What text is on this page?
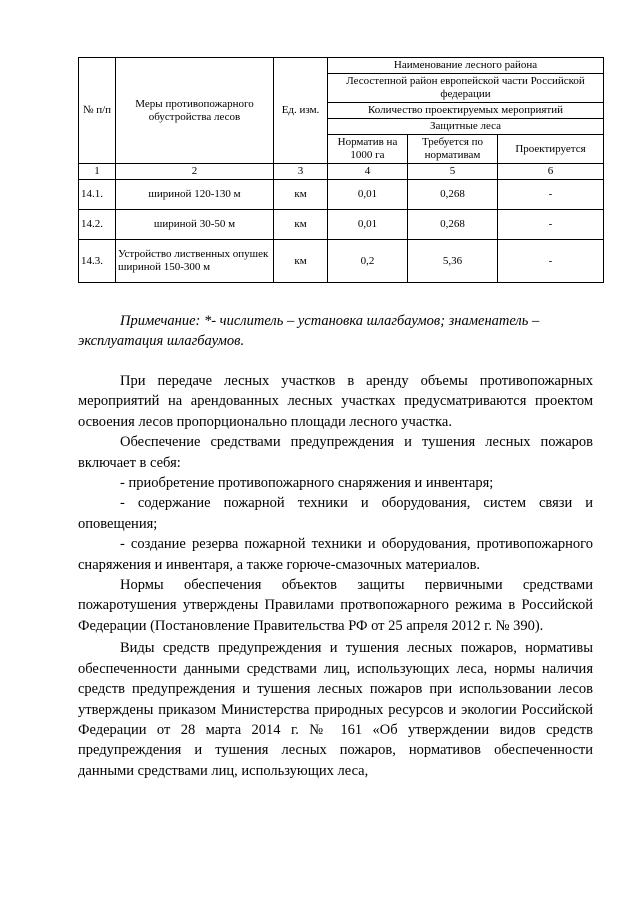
№ п/п	Меры противопожарного обустройства лесов	Ед. изм.	Наименование лесного района		
			Лесостепной район европейской части Российской федерации		
			Количество проектируемых мероприятий		
			Защитные леса		
			Норматив на 1000 га	Требуется по нормативам	Проектируется
1	2	3	4	5	6
14.1.	шириной 120-130 м	км	0,01	0,268	-
14.2.	шириной 30-50 м	км	0,01	0,268	-
14.3.	Устройство лиственных опушек шириной 150-300 м	км	0,2	5,36	-
Примечание: *- числитель – установка шлагбаумов; знаменатель –
эксплуатация шлагбаумов.

При передаче лесных участков в аренду объемы противопожарных мероприятий на арендованных лесных участках предусматриваются проектом освоения лесов пропорционально площади лесного участка.

Обеспечение средствами предупреждения и тушения лесных пожаров включает в себя:

- приобретение противопожарного снаряжения и инвентаря;

- содержание пожарной техники и оборудования, систем связи и оповещения;

- создание резерва пожарной техники и оборудования, противопожарного снаряжения и инвентаря, а также горюче-смазочных материалов.

Нормы обеспечения объектов защиты первичными средствами пожаротушения утверждены Правилами протвопожарного режима в Российской Федерации (Постановление Правительства РФ от 25 апреля 2012 г. № 390).

Виды средств предупреждения и тушения лесных пожаров, нормативы обеспеченности данными средствами лиц, использующих леса, нормы наличия средств предупреждения и тушения лесных пожаров при использовании лесов утверждены приказом Министерства природных ресурсов и экологии Российской Федерации от 28 марта 2014 г. № 161 «Об утверждении видов средств предупреждения и тушения лесных пожаров, нормативов обеспеченности данными средствами лиц, использующих леса,
